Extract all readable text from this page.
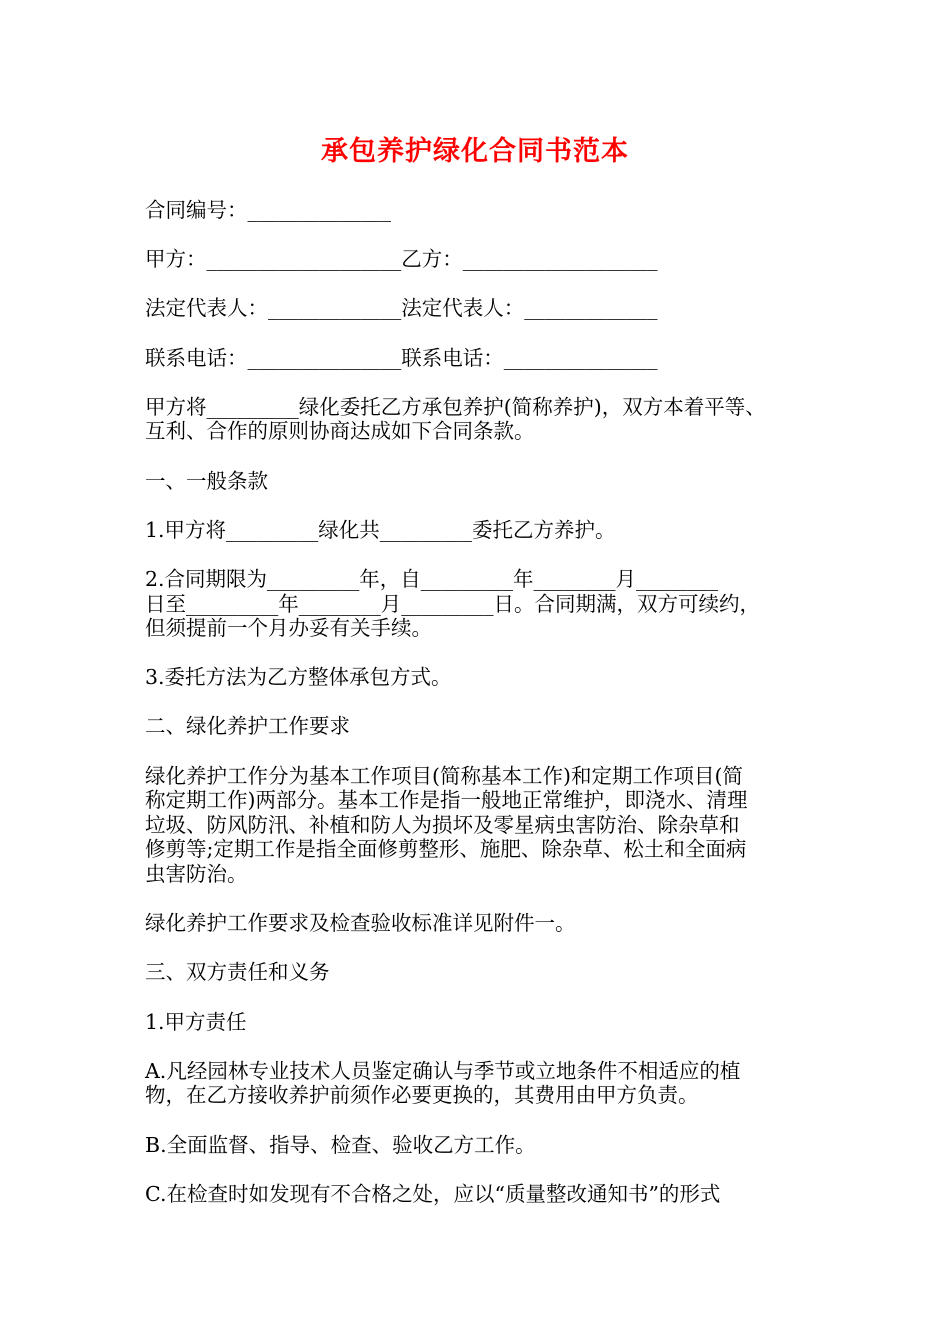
承包养护绿化合同书范本
合同编号：______________
甲方：___________________乙方：___________________
法定代表人：_____________法定代表人：_____________
联系电话：_______________联系电话：_______________
甲方将_________绿化委托乙方承包养护(简称养护)，双方本着平等、
互利、合作的原则协商达成如下合同条款。
一、一般条款
1.甲方将_________绿化共_________委托乙方养护。
2.合同期限为_________年，自_________年________月________
日至_________年________月_________日。合同期满，双方可续约，
但须提前一个月办妥有关手续。
3.委托方法为乙方整体承包方式。
二、绿化养护工作要求
绿化养护工作分为基本工作项目(简称基本工作)和定期工作项目(简
称定期工作)两部分。基本工作是指一般地正常维护，即浇水、清理
垃圾、防风防汛、补植和防人为损坏及零星病虫害防治、除杂草和
修剪等;定期工作是指全面修剪整形、施肥、除杂草、松土和全面病
虫害防治。
绿化养护工作要求及检查验收标准详见附件一。
三、双方责任和义务
1.甲方责任
A.凡经园林专业技术人员鉴定确认与季节或立地条件不相适应的植
物，在乙方接收养护前须作必要更换的，其费用由甲方负责。
B.全面监督、指导、检查、验收乙方工作。
C.在检查时如发现有不合格之处，应以“质量整改通知书”的形式
